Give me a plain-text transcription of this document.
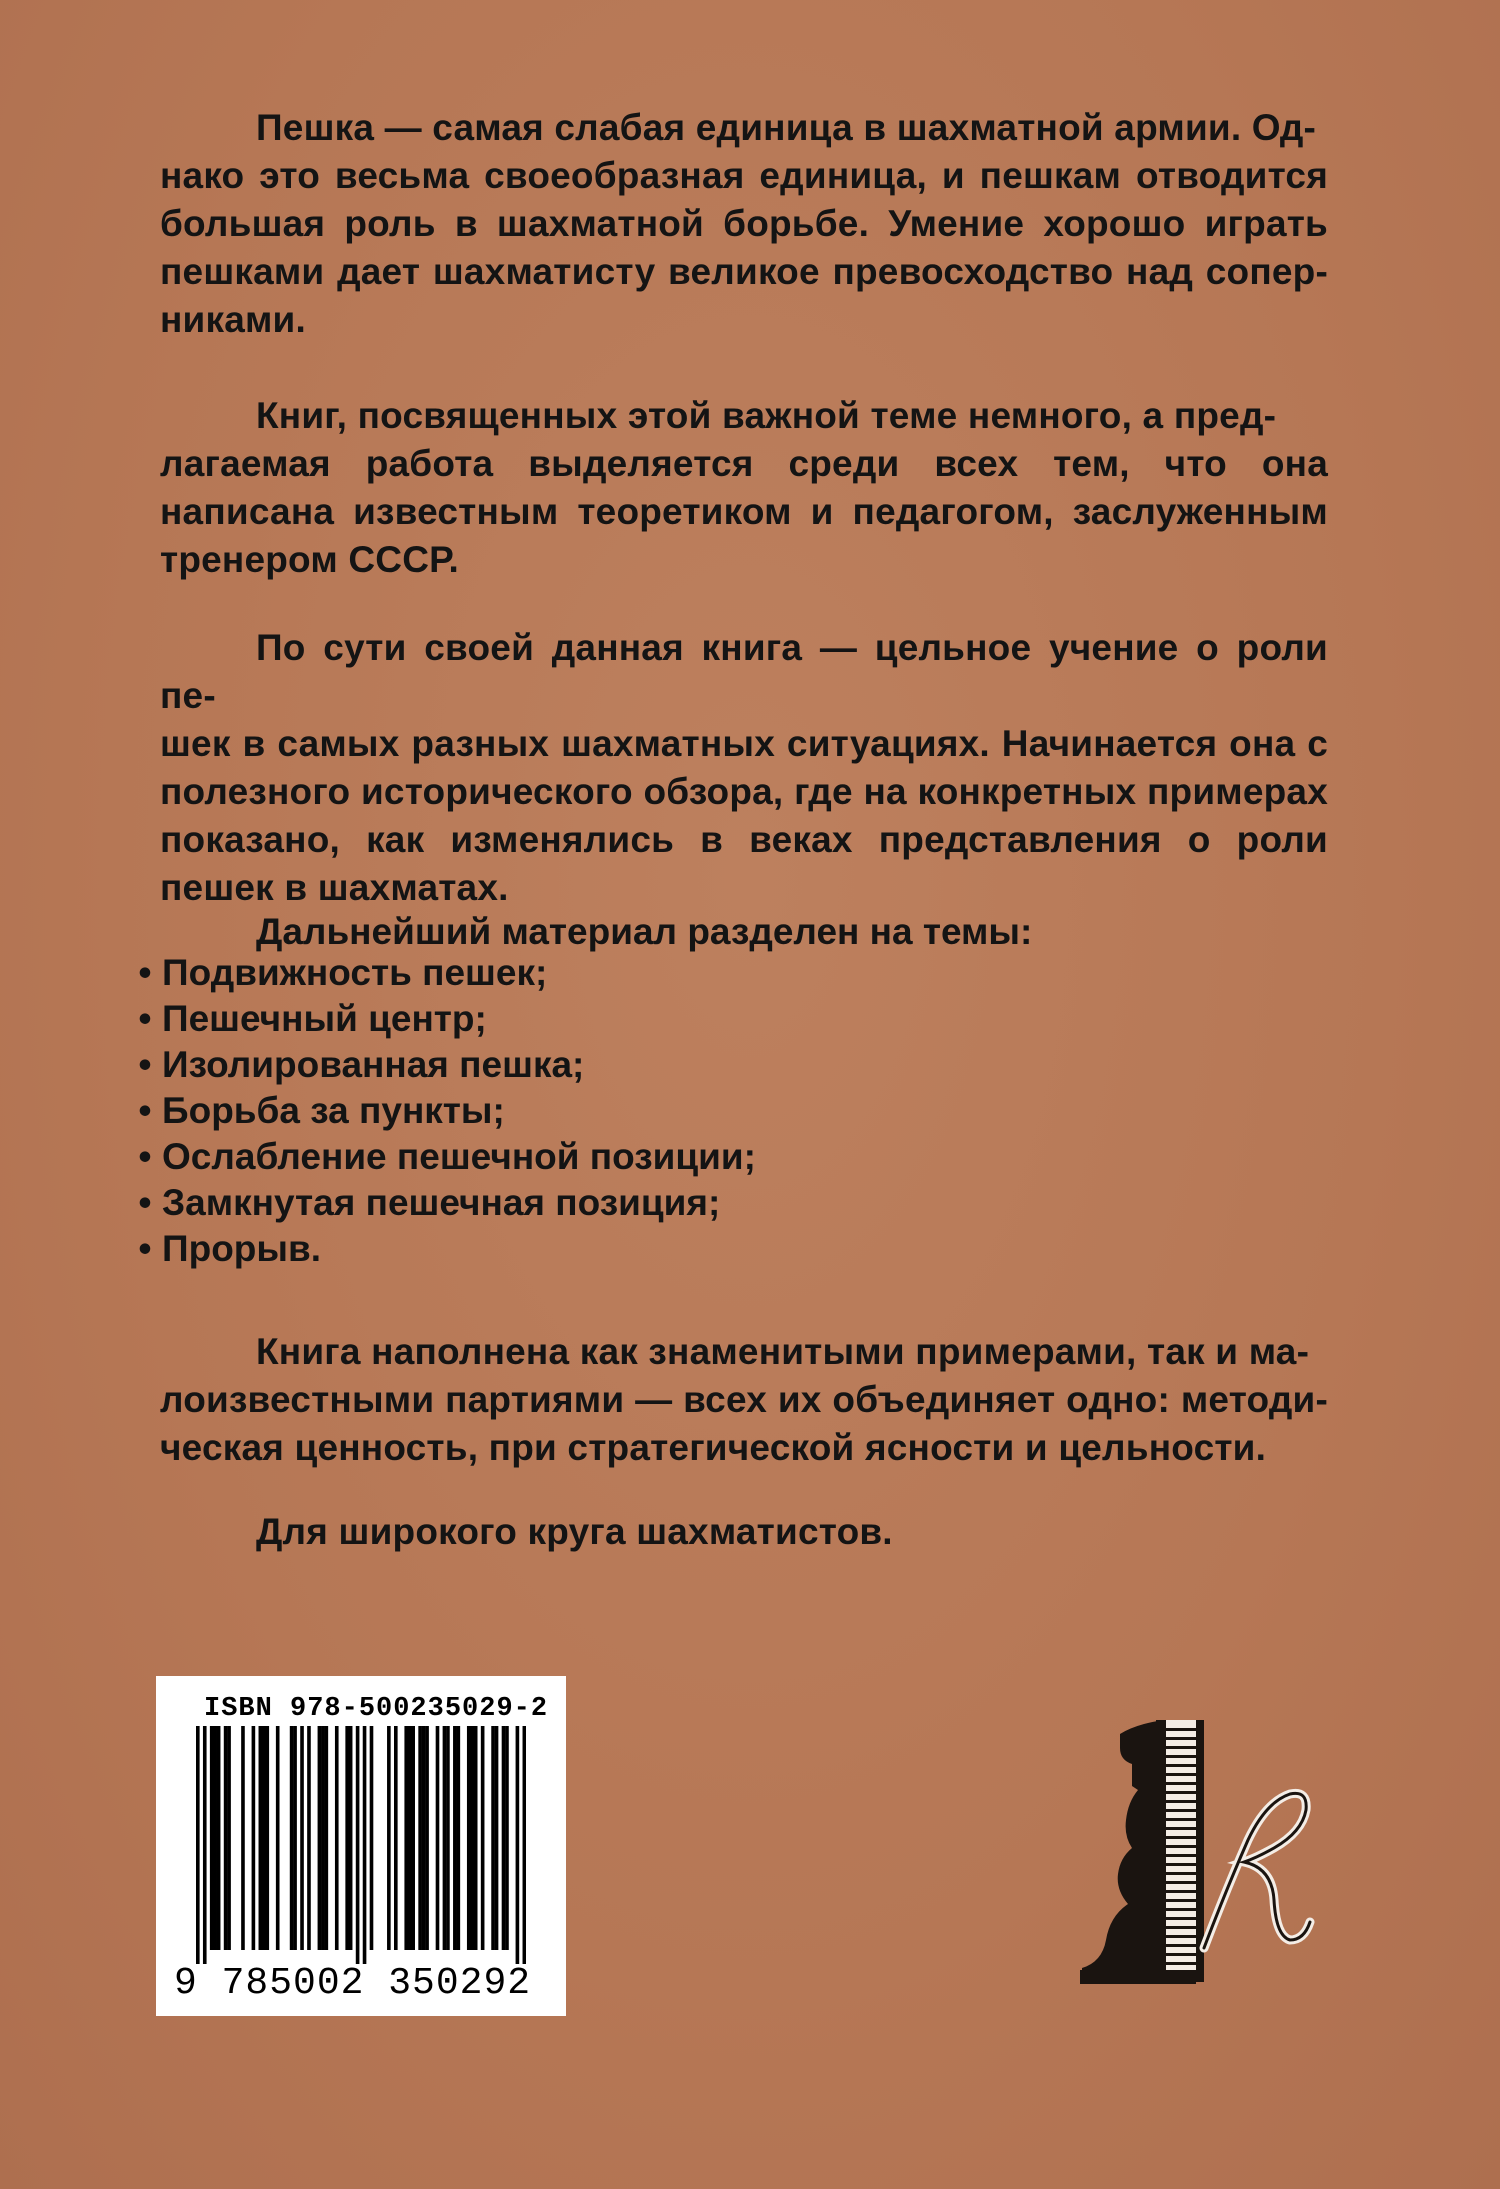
Пешка — самая слабая единица в шахматной армии. Од-
нако это весьма своеобразная единица, и пешкам отводится большая роль в шахматной борьбе. Умение хорошо играть пешками дает шахматисту великое превосходство над сопер- никами.
Книг, посвященных этой важной теме немного, а пред-
лагаемая работа выделяется среди всех тем, что она написана известным теоретиком и педагогом, заслуженным тренером СССР.
По сути своей данная книга — цельное учение о роли пе-
шек в самых разных шахматных ситуациях. Начинается она с полезного исторического обзора, где на конкретных примерах показано, как изменялись в веках представления о роли пешек в шахматах.
Дальнейший материал разделен на темы:
• Подвижность пешек;
• Пешечный центр;
• Изолированная пешка;
• Борьба за пункты;
• Ослабление пешечной позиции;
• Замкнутая пешечная позиция;
• Прорыв.
Книга наполнена как знаменитыми примерами, так и ма-
лоизвестными партиями — всех их объединяет одно: методи- ческая ценность, при стратегической ясности и цельности.
Для широкого круга шахматистов.
ISBN 978-500235029-2
9 785002 350292
